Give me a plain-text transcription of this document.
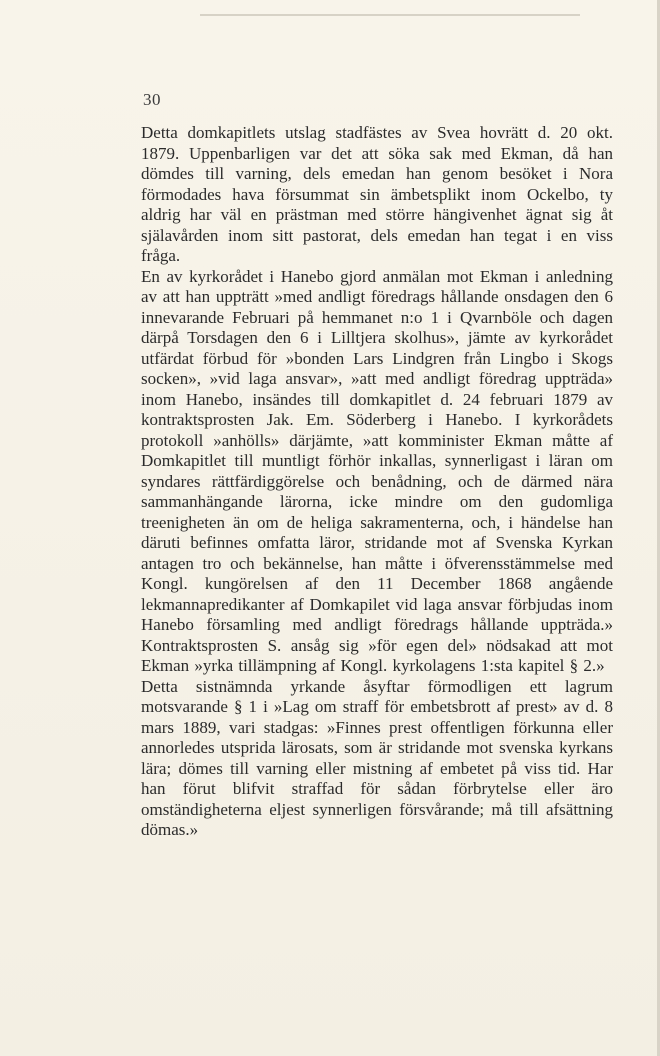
30

Detta domkapitlets utslag stadfästes av Svea hovrätt d. 20 okt. 1879. Uppenbarligen var det att söka sak med Ekman, då han dömdes till varning, dels emedan han genom besöket i Nora förmodades hava försummat sin ämbetsplikt inom Ockelbo, ty aldrig har väl en prästman med större hängivenhet ägnat sig åt själavården inom sitt pastorat, dels emedan han tegat i en viss fråga.

En av kyrkorådet i Hanebo gjord anmälan mot Ekman i anledning av att han uppträtt »med andligt föredrags hållande onsdagen den 6 innevarande Februari på hemmanet n:o 1 i Qvarnböle och dagen därpå Torsdagen den 6 i Lilltjera skolhus», jämte av kyrkorådet utfärdat förbud för »bonden Lars Lindgren från Lingbo i Skogs socken», »vid laga ansvar», »att med andligt föredrag uppträda» inom Hanebo, insändes till domkapitlet d. 24 februari 1879 av kontraktsprosten Jak. Em. Söderberg i Hanebo. I kyrkorådets protokoll »anhölls» därjämte, »att komminister Ekman måtte af Domkapitlet till muntligt förhör inkallas, synnerligast i läran om syndares rättfärdiggörelse och benådning, och de därmed nära sammanhängande lärorna, icke mindre om den gudomliga treenigheten än om de heliga sakramenterna, och, i händelse han däruti befinnes omfatta läror, stridande mot af Svenska Kyrkan antagen tro och bekännelse, han måtte i öfverensstämmelse med Kongl. kungörelsen af den 11 December 1868 angående lekmannapredikanter af Domkapilet vid laga ansvar förbjudas inom Hanebo församling med andligt föredrags hållande uppträda.» Kontraktsprosten S. ansåg sig »för egen del» nödsakad att mot Ekman »yrka tillämpning af Kongl. kyrkolagens 1:sta kapitel § 2.»

Detta sistnämnda yrkande åsyftar förmodligen ett lagrum motsvarande § 1 i »Lag om straff för embetsbrott af prest» av d. 8 mars 1889, vari stadgas: »Finnes prest offentligen förkunna eller annorledes utsprida lärosats, som är stridande mot svenska kyrkans lära; dömes till varning eller mistning af embetet på viss tid. Har han förut blifvit straffad för sådan förbrytelse eller äro omständigheterna eljest synnerligen försvårande; må till afsättning dömas.»
